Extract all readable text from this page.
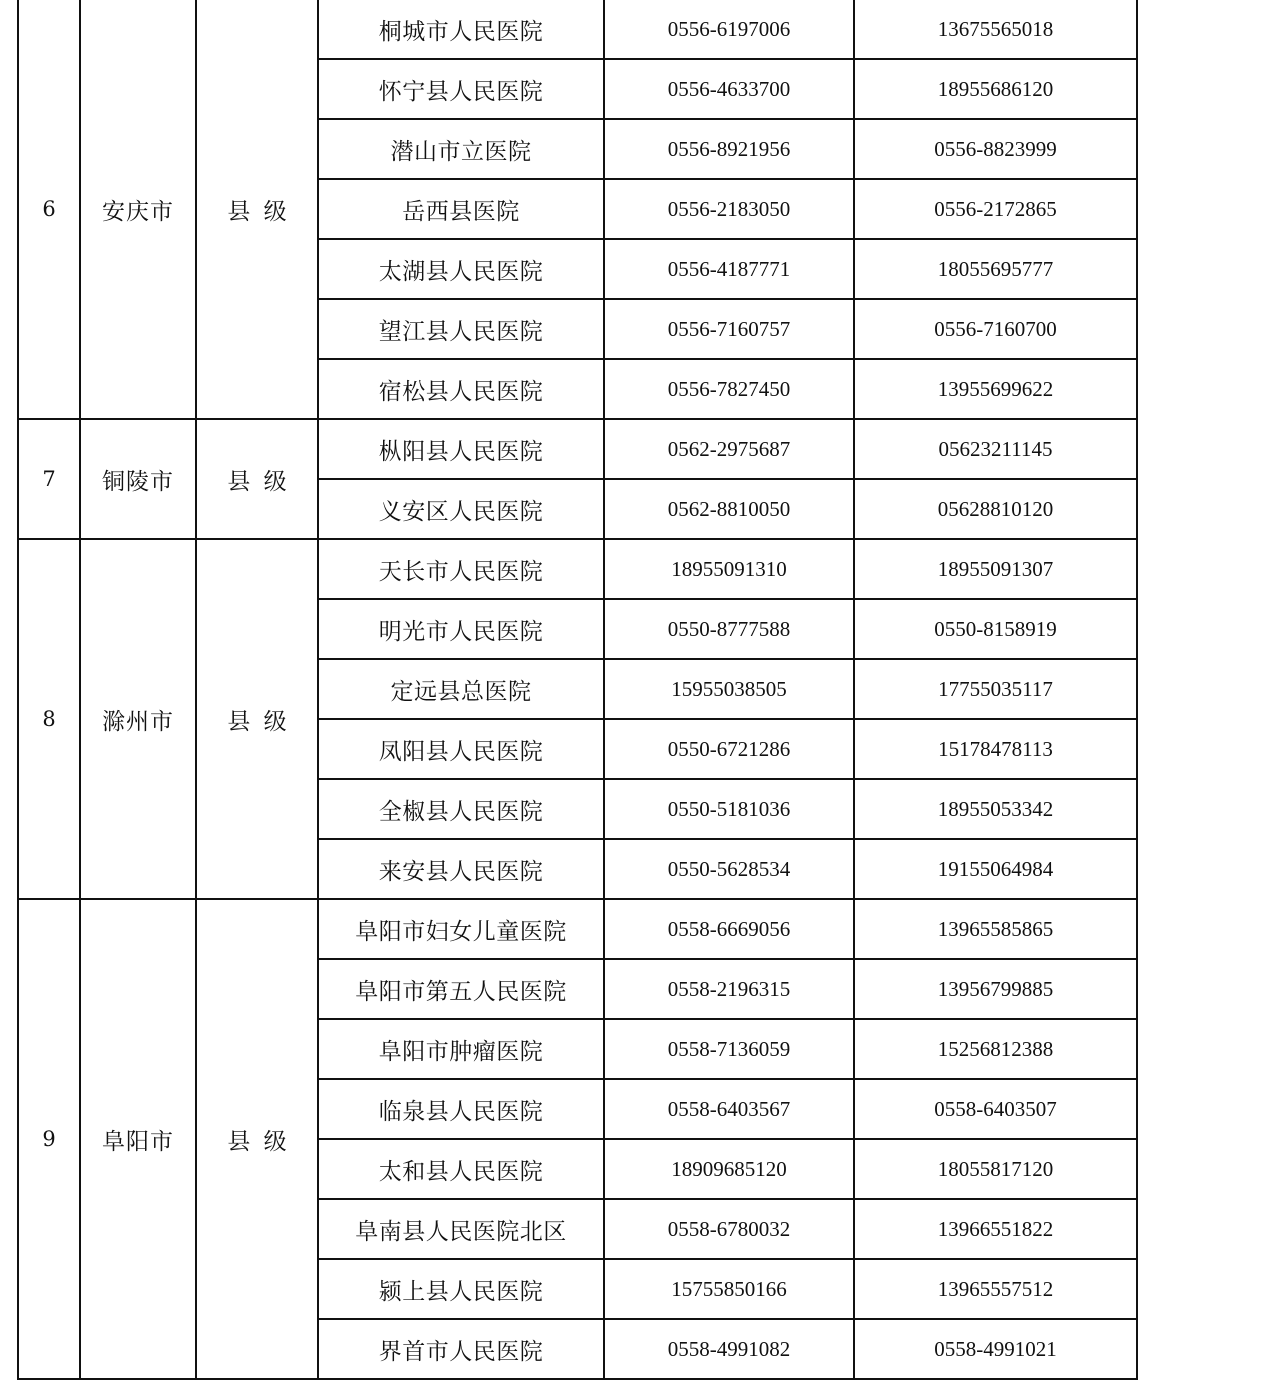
6	安庆市	县 级	桐城市人民医院	0556-6197006	13675565018
			怀宁县人民医院	0556-4633700	18955686120
			潜山市立医院	0556-8921956	0556-8823999
			岳西县医院	0556-2183050	0556-2172865
			太湖县人民医院	0556-4187771	18055695777
			望江县人民医院	0556-7160757	0556-7160700
			宿松县人民医院	0556-7827450	13955699622
7	铜陵市	县 级	枞阳县人民医院	0562-2975687	05623211145
			义安区人民医院	0562-8810050	05628810120
8	滁州市	县 级	天长市人民医院	18955091310	18955091307
			明光市人民医院	0550-8777588	0550-8158919
			定远县总医院	15955038505	17755035117
			凤阳县人民医院	0550-6721286	15178478113
			全椒县人民医院	0550-5181036	18955053342
			来安县人民医院	0550-5628534	19155064984
9	阜阳市	县 级	阜阳市妇女儿童医院	0558-6669056	13965585865
			阜阳市第五人民医院	0558-2196315	13956799885
			阜阳市肿瘤医院	0558-7136059	15256812388
			临泉县人民医院	0558-6403567	0558-6403507
			太和县人民医院	18909685120	18055817120
			阜南县人民医院北区	0558-6780032	13966551822
			颍上县人民医院	15755850166	13965557512
			界首市人民医院	0558-4991082	0558-4991021
